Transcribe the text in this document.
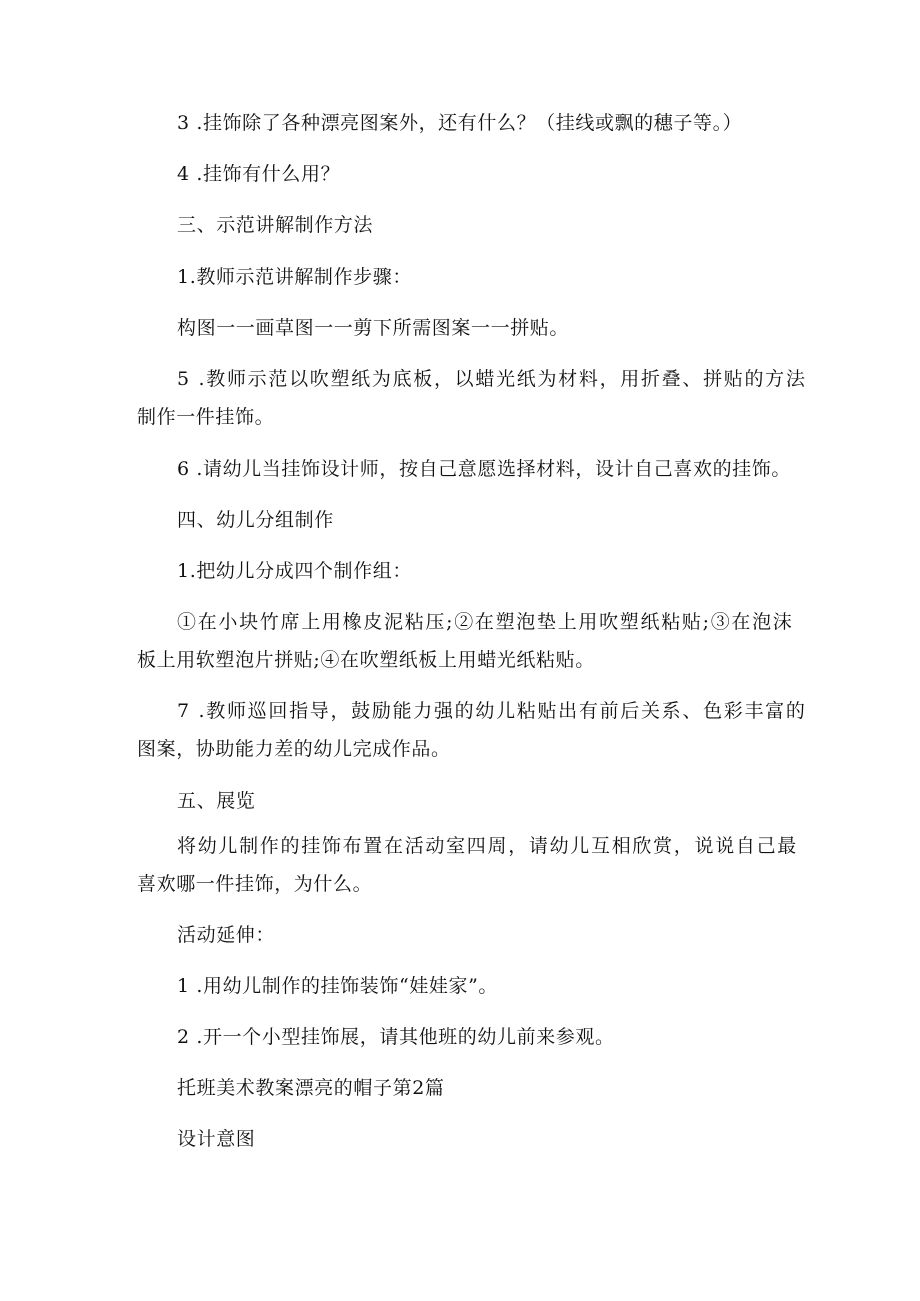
3 .挂饰除了各种漂亮图案外，还有什么？（挂线或飘的穗子等。）
4 .挂饰有什么用？
三、示范讲解制作方法
1.教师示范讲解制作步骤：
构图一一画草图一一剪下所需图案一一拼贴。
5 .教师示范以吹塑纸为底板，以蜡光纸为材料，用折叠、拼贴的方法
制作一件挂饰。
6 .请幼儿当挂饰设计师，按自己意愿选择材料，设计自己喜欢的挂饰。
四、幼儿分组制作
1.把幼儿分成四个制作组：
①在小块竹席上用橡皮泥粘压;②在塑泡垫上用吹塑纸粘贴;③在泡沫
板上用软塑泡片拼贴;④在吹塑纸板上用蜡光纸粘贴。
7 .教师巡回指导，鼓励能力强的幼儿粘贴出有前后关系、色彩丰富的
图案，协助能力差的幼儿完成作品。
五、展览
将幼儿制作的挂饰布置在活动室四周，请幼儿互相欣赏，说说自己最
喜欢哪一件挂饰，为什么。
活动延伸：
1 .用幼儿制作的挂饰装饰“娃娃家”。
2 .开一个小型挂饰展，请其他班的幼儿前来参观。
托班美术教案漂亮的帽子第2篇
设计意图
